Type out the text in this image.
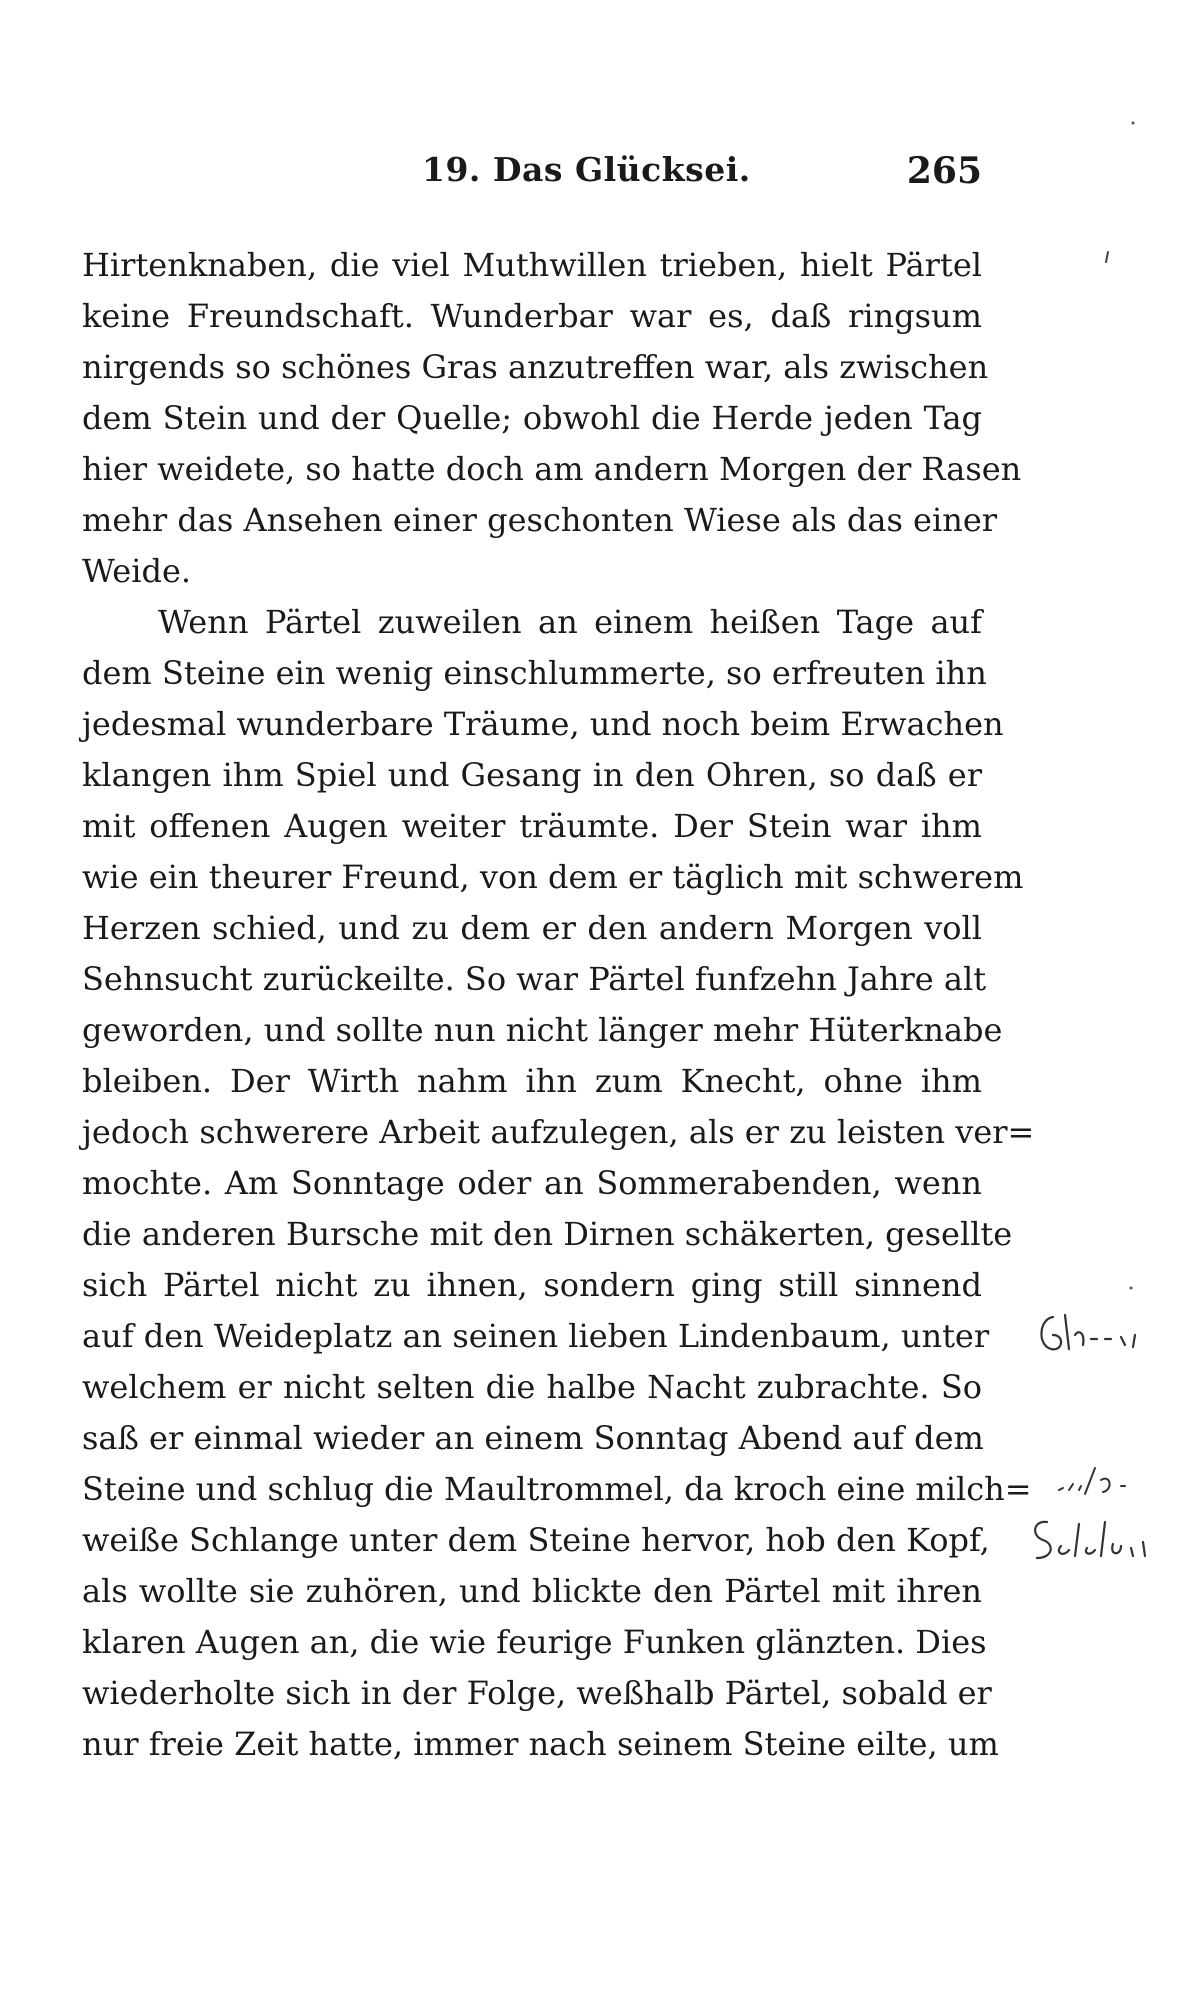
19. Das Glücksei.	265
Hirtenknaben, die viel Muthwillen trieben, hielt Pärtel
keine Freundschaft. Wunderbar war es, daß ringsum
nirgends so schönes Gras anzutreffen war, als zwischen
dem Stein und der Quelle; obwohl die Herde jeden Tag
hier weidete, so hatte doch am andern Morgen der Rasen
mehr das Ansehen einer geschonten Wiese als das einer
Weide.
Wenn Pärtel zuweilen an einem heißen Tage auf
dem Steine ein wenig einschlummerte, so erfreuten ihn
jedesmal wunderbare Träume, und noch beim Erwachen
klangen ihm Spiel und Gesang in den Ohren, so daß er
mit offenen Augen weiter träumte. Der Stein war ihm
wie ein theurer Freund, von dem er täglich mit schwerem
Herzen schied, und zu dem er den andern Morgen voll
Sehnsucht zurückeilte. So war Pärtel funfzehn Jahre alt
geworden, und sollte nun nicht länger mehr Hüterknabe
bleiben. Der Wirth nahm ihn zum Knecht, ohne ihm
jedoch schwerere Arbeit aufzulegen, als er zu leisten ver=
mochte. Am Sonntage oder an Sommerabenden, wenn
die anderen Bursche mit den Dirnen schäkerten, gesellte
sich Pärtel nicht zu ihnen, sondern ging still sinnend
auf den Weideplatz an seinen lieben Lindenbaum, unter
welchem er nicht selten die halbe Nacht zubrachte. So
saß er einmal wieder an einem Sonntag Abend auf dem
Steine und schlug die Maultrommel, da kroch eine milch=
weiße Schlange unter dem Steine hervor, hob den Kopf,
als wollte sie zuhören, und blickte den Pärtel mit ihren
klaren Augen an, die wie feurige Funken glänzten. Dies
wiederholte sich in der Folge, weßhalb Pärtel, sobald er
nur freie Zeit hatte, immer nach seinem Steine eilte, um
